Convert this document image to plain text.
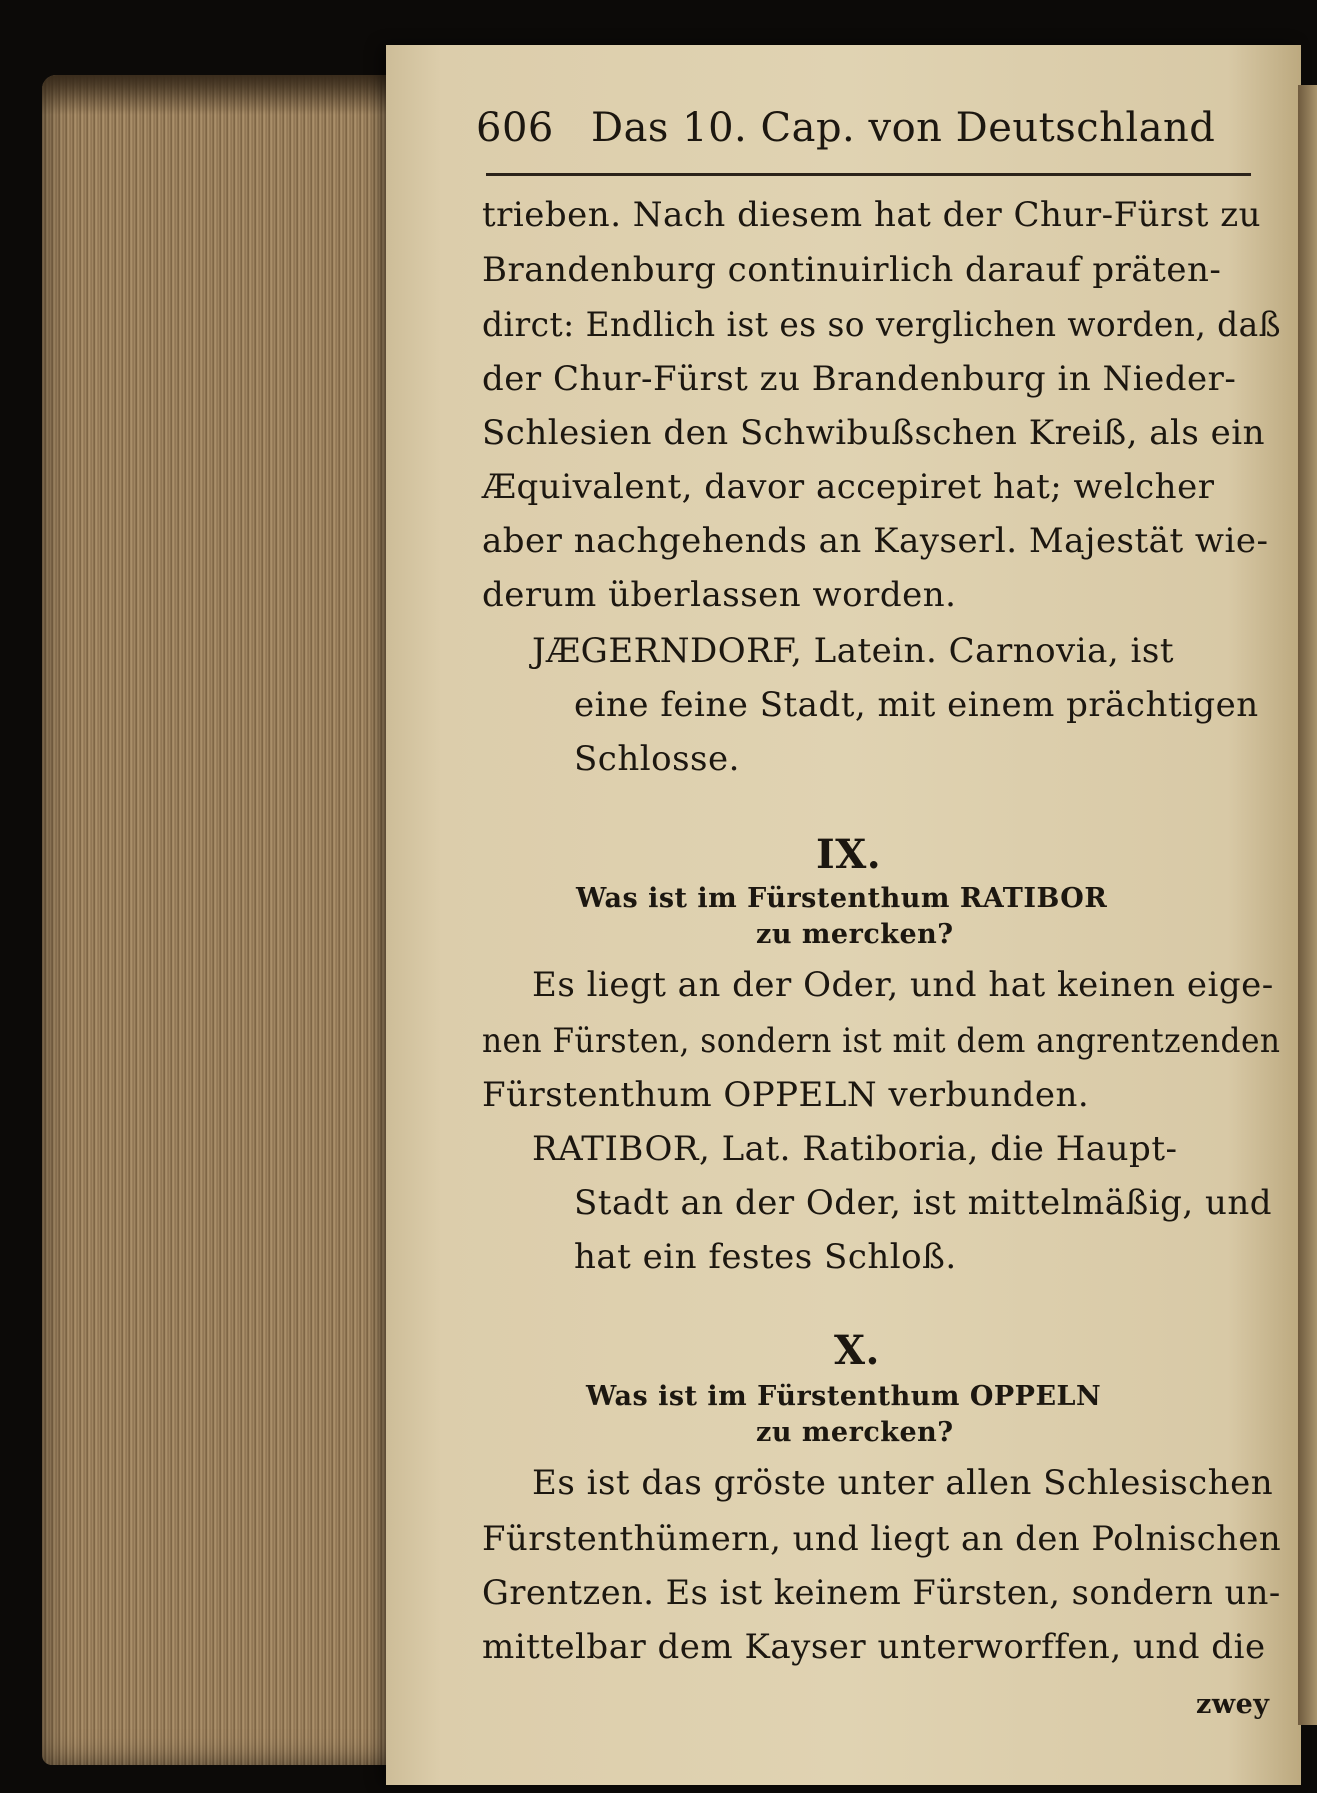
606 Das 10. Cap. von Deutschland
trieben. Nach diesem hat der Chur-Fürst zu
Brandenburg continuirlich darauf präten-
dirct: Endlich ist es so verglichen worden, daß
der Chur-Fürst zu Brandenburg in Nieder-
Schlesien den Schwibußschen Kreiß, als ein
Æquivalent, davor accepiret hat; welcher
aber nachgehends an Kayserl. Majestät wie-
derum überlassen worden.
JÆGERNDORF, Latein. Carnovia, ist
eine feine Stadt, mit einem prächtigen
Schlosse.
IX.
Was ist im Fürstenthum RATIBOR
zu mercken?
Es liegt an der Oder, und hat keinen eige-
nen Fürsten, sondern ist mit dem angrentzenden
Fürstenthum OPPELN verbunden.
RATIBOR, Lat. Ratiboria, die Haupt-
Stadt an der Oder, ist mittelmäßig, und
hat ein festes Schloß.
X.
Was ist im Fürstenthum OPPELN
zu mercken?
Es ist das gröste unter allen Schlesischen
Fürstenthümern, und liegt an den Polnischen
Grentzen. Es ist keinem Fürsten, sondern un-
mittelbar dem Kayser unterworffen, und die
zwey
